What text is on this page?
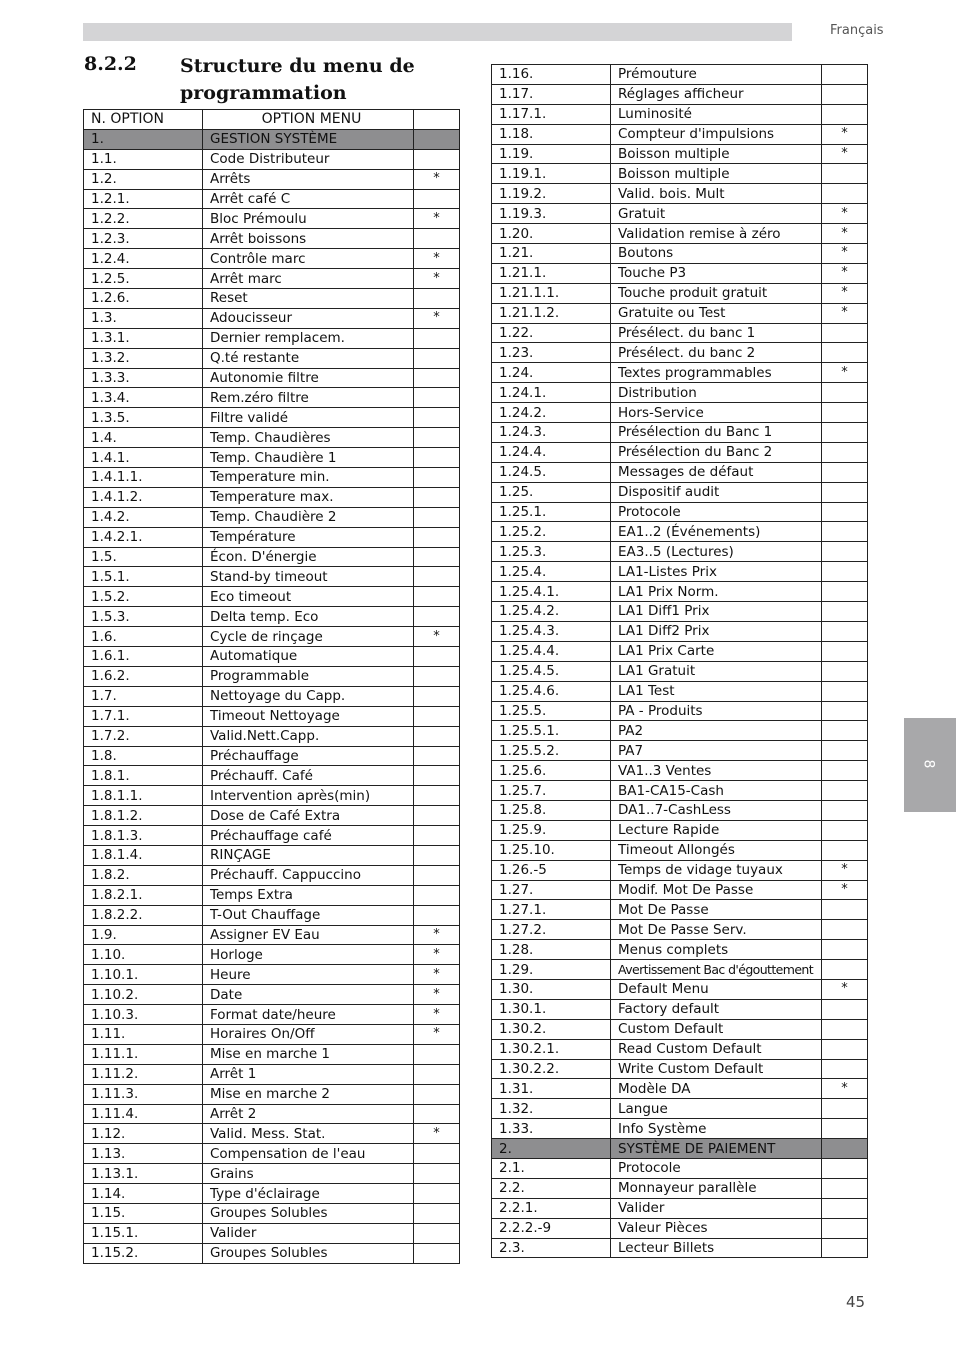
Français
8.2.2 Structure du menu de programmation
N. OPTION	OPTION MENU	
1.	GESTION SYSTÈME	
1.1.	Code Distributeur	
1.2.	Arrêts	*
1.2.1.	Arrêt café C	
1.2.2.	Bloc Prémoulu	*
1.2.3.	Arrêt boissons	
1.2.4.	Contrôle marc	*
1.2.5.	Arrêt marc	*
1.2.6.	Reset	
1.3.	Adoucisseur	*
1.3.1.	Dernier remplacem.	
1.3.2.	Q.té restante	
1.3.3.	Autonomie filtre	
1.3.4.	Rem.zéro filtre	
1.3.5.	Filtre validé	
1.4.	Temp. Chaudières	
1.4.1.	Temp. Chaudière 1	
1.4.1.1.	Temperature min.	
1.4.1.2.	Temperature max.	
1.4.2.	Temp. Chaudière 2	
1.4.2.1.	Température	
1.5.	Écon. D'énergie	
1.5.1.	Stand-by timeout	
1.5.2.	Eco timeout	
1.5.3.	Delta temp. Eco	
1.6.	Cycle de rinçage	*
1.6.1.	Automatique	
1.6.2.	Programmable	
1.7.	Nettoyage du Capp.	
1.7.1.	Timeout Nettoyage	
1.7.2.	Valid.Nett.Capp.	
1.8.	Préchauffage	
1.8.1.	Préchauff. Café	
1.8.1.1.	Intervention après(min)	
1.8.1.2.	Dose de Café Extra	
1.8.1.3.	Préchauffage café	
1.8.1.4.	RINÇAGE	
1.8.2.	Préchauff. Cappuccino	
1.8.2.1.	Temps Extra	
1.8.2.2.	T-Out Chauffage	
1.9.	Assigner EV Eau	*
1.10.	Horloge	*
1.10.1.	Heure	*
1.10.2.	Date	*
1.10.3.	Format date/heure	*
1.11.	Horaires On/Off	*
1.11.1.	Mise en marche 1	
1.11.2.	Arrêt 1	
1.11.3.	Mise en marche 2	
1.11.4.	Arrêt 2	
1.12.	Valid. Mess. Stat.	*
1.13.	Compensation de l'eau	
1.13.1.	Grains	
1.14.	Type d'éclairage	
1.15.	Groupes Solubles	
1.15.1.	Valider	
1.15.2.	Groupes Solubles	
1.16.	Prémouture	
1.17.	Réglages afficheur	
1.17.1.	Luminosité	
1.18.	Compteur d'impulsions	*
1.19.	Boisson multiple	*
1.19.1.	Boisson multiple	
1.19.2.	Valid. bois. Mult	
1.19.3.	Gratuit	*
1.20.	Validation remise à zéro	*
1.21.	Boutons	*
1.21.1.	Touche P3	*
1.21.1.1.	Touche produit gratuit	*
1.21.1.2.	Gratuite ou Test	*
1.22.	Présélect. du banc 1	
1.23.	Présélect. du banc 2	
1.24.	Textes programmables	*
1.24.1.	Distribution	
1.24.2.	Hors-Service	
1.24.3.	Présélection du Banc 1	
1.24.4.	Présélection du Banc 2	
1.24.5.	Messages de défaut	
1.25.	Dispositif audit	
1.25.1.	Protocole	
1.25.2.	EA1..2 (Événements)	
1.25.3.	EA3..5 (Lectures)	
1.25.4.	LA1-Listes Prix	
1.25.4.1.	LA1 Prix Norm.	
1.25.4.2.	LA1 Diff1 Prix	
1.25.4.3.	LA1 Diff2 Prix	
1.25.4.4.	LA1 Prix Carte	
1.25.4.5.	LA1 Gratuit	
1.25.4.6.	LA1 Test	
1.25.5.	PA - Produits	
1.25.5.1.	PA2	
1.25.5.2.	PA7	
1.25.6.	VA1..3 Ventes	
1.25.7.	BA1-CA15-Cash	
1.25.8.	DA1..7-CashLess	
1.25.9.	Lecture Rapide	
1.25.10.	Timeout Allongés	
1.26.-5	Temps de vidage tuyaux	*
1.27.	Modif. Mot De Passe	*
1.27.1.	Mot De Passe	
1.27.2.	Mot De Passe Serv.	
1.28.	Menus complets	
1.29.	Avertissement Bac d'égouttement	
1.30.	Default Menu	*
1.30.1.	Factory default	
1.30.2.	Custom Default	
1.30.2.1.	Read Custom Default	
1.30.2.2.	Write Custom Default	
1.31.	Modèle DA	*
1.32.	Langue	
1.33.	Info Système	
2.	SYSTÈME DE PAIEMENT	
2.1.	Protocole	
2.2.	Monnayeur parallèle	
2.2.1.	Valider	
2.2.2.-9	Valeur Pièces	
2.3.	Lecteur Billets	
8
45
